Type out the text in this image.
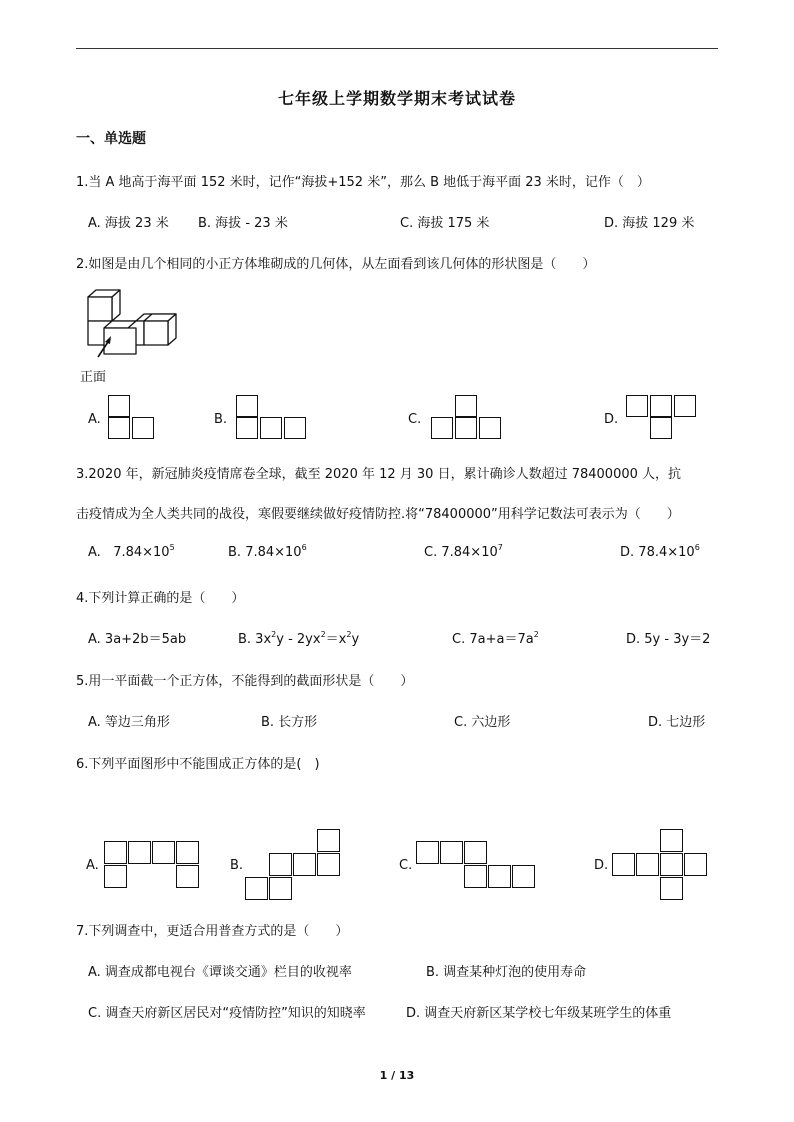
七年级上学期数学期末考试试卷
一、单选题
1.当 A 地高于海平面 152 米时，记作“海拔+152 米”，那么 B 地低于海平面 23 米时，记作（　）
A. 海拔 23 米 B. 海拔 - 23 米	C. 海拔 175 米	D. 海拔 129 米
2.如图是由几个相同的小正方体堆砌成的几何体，从左面看到该几何体的形状图是（　　）
正面
A.	B.	C.	D.
3.2020 年，新冠肺炎疫情席卷全球，截至 2020 年 12 月 30 日，累计确诊人数超过 78400000 人，抗
击疫情成为全人类共同的战役，寒假要继续做好疫情防控.将“78400000”用科学记数法可表示为（　　）
A. $7.84\times 10^5$	B. $7.84\times 10^6$	C. $7.84\times 10^7$	D. $78.4\times 10^6$
4.下列计算正确的是（　　）
A. 3a+2b＝5ab	B. $3x^2y - 2yx^2=x^2y$	C. $7a+a=7a^2$	D. 5y - 3y＝2
5.用一平面截一个正方体，不能得到的截面形状是（　　）
A. 等边三角形	B. 长方形	C. 六边形	D. 七边形
6.下列平面图形中不能围成正方体的是(　)
A.	B.	C.	D.
7.下列调查中，更适合用普查方式的是（　　）
A. 调查成都电视台《谭谈交通》栏目的收视率	B. 调查某种灯泡的使用寿命
C. 调查天府新区居民对“疫情防控”知识的知晓率	D. 调查天府新区某学校七年级某班学生的体重
1 / 13
